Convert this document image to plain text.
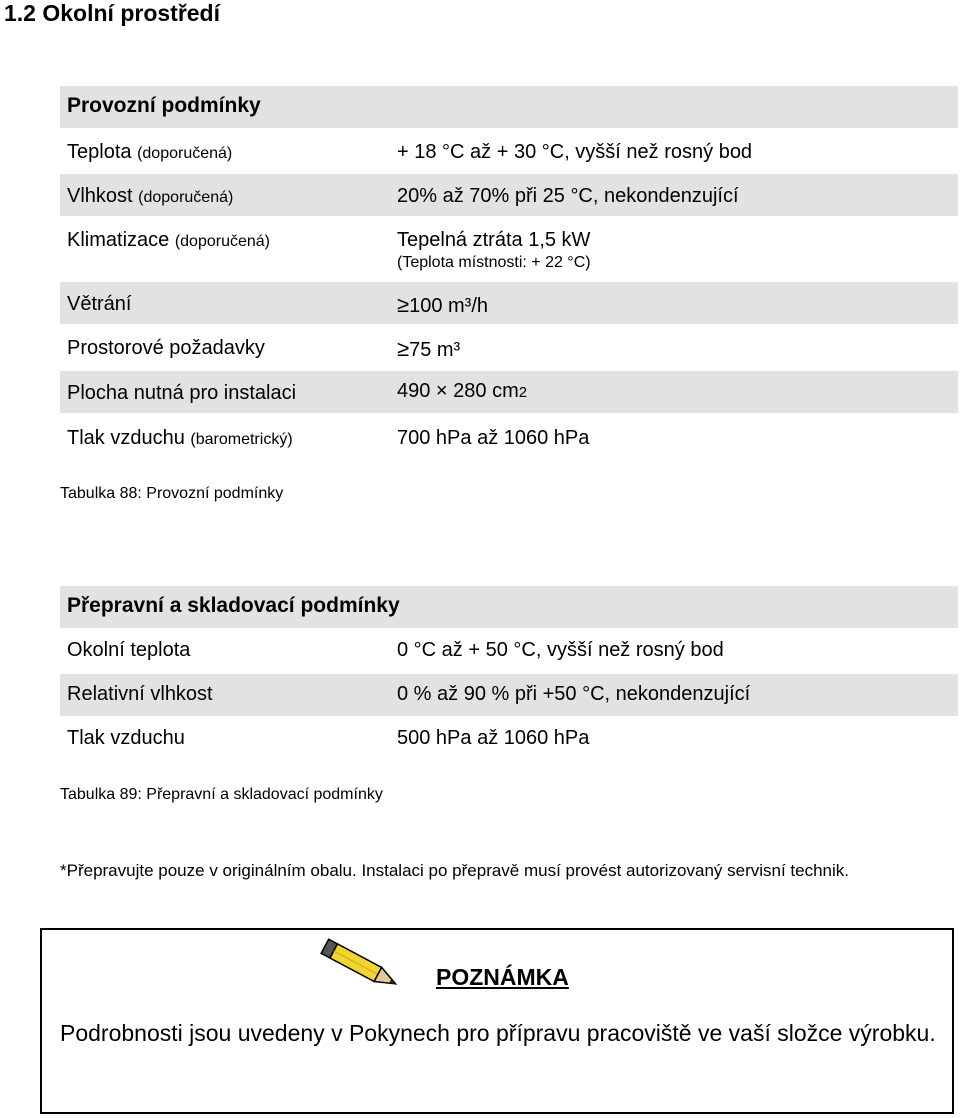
1.2 Okolní prostředí
Provozní podmínky
Teplota (doporučená)	+ 18 °C až + 30 °C, vyšší než rosný bod
Vlhkost (doporučená)	20% až 70% při 25 °C, nekondenzující
Klimatizace (doporučená)	Tepelná ztráta 1,5 kW
(Teplota místnosti: + 22 °C)
Větrání	≥100 m³/h
Prostorové požadavky	≥75 m³
Plocha nutná pro instalaci	490 × 280 cm2
Tlak vzduchu (barometrický)	700 hPa až 1060 hPa
Tabulka 88: Provozní podmínky
Přepravní a skladovací podmínky
Okolní teplota	0 °C až + 50 °C, vyšší než rosný bod
Relativní vlhkost	0 % až 90 % při +50 °C, nekondenzující
Tlak vzduchu	500 hPa až 1060 hPa
Tabulka 89: Přepravní a skladovací podmínky
*Přepravujte pouze v originálním obalu. Instalaci po přepravě musí provést autorizovaný servisní technik.
POZNÁMKA
Podrobnosti jsou uvedeny v Pokynech pro přípravu pracoviště ve vaší složce výrobku.
